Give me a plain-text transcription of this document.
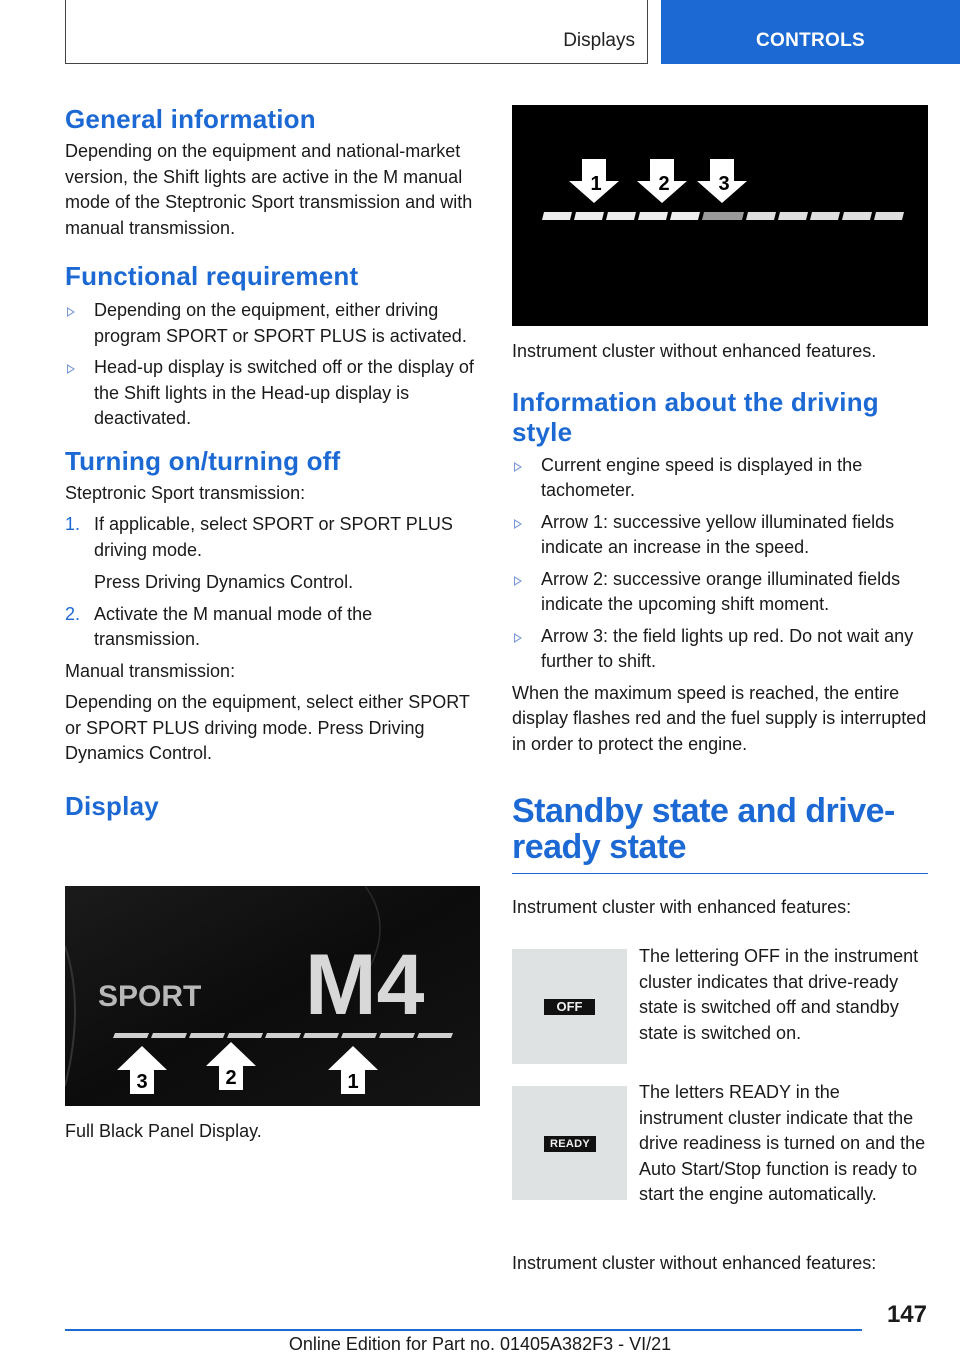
Displays	CONTROLS
General information

Depending on the equipment and national-market version, the Shift lights are active in the M manual mode of the Steptronic Sport transmission and with manual transmission.

Functional requirement
Depending on the equipment, either driving program SPORT or SPORT PLUS is activated.
Head-up display is switched off or the display of the Shift lights in the Head-up display is deactivated.
Turning on/turning off

Steptronic Sport transmission:

1. If applicable, select SPORT or SPORT PLUS driving mode.
Press Driving Dynamics Control.
2. Activate the M manual mode of the transmission.

Manual transmission:

Depending on the equipment, select either SPORT or SPORT PLUS driving mode. Press Driving Dynamics Control.

Display
SPORT M4
3	2	1

Full Black Panel Display.

1	2 3

Instrument cluster without enhanced features.

Information about the driving style
Current engine speed is displayed in the tachometer.
Arrow 1: successive yellow illuminated fields indicate an increase in the speed.
Arrow 2: successive orange illuminated fields indicate the upcoming shift moment.
Arrow 3: the field lights up red. Do not wait any further to shift.

When the maximum speed is reached, the entire display flashes red and the fuel supply is interrupted in order to protect the engine.

Standby state and drive-
ready state

Instrument cluster with enhanced features:

OFF

The lettering OFF in the instrument cluster indicates that drive-ready state is switched off and standby state is switched on.

READY

The letters READY in the instrument cluster indicate that the drive readiness is turned on and the Auto Start/Stop function is ready to start the engine automatically.

Instrument cluster without enhanced features:

147
Online Edition for Part no. 01405A382F3 - VI/21
